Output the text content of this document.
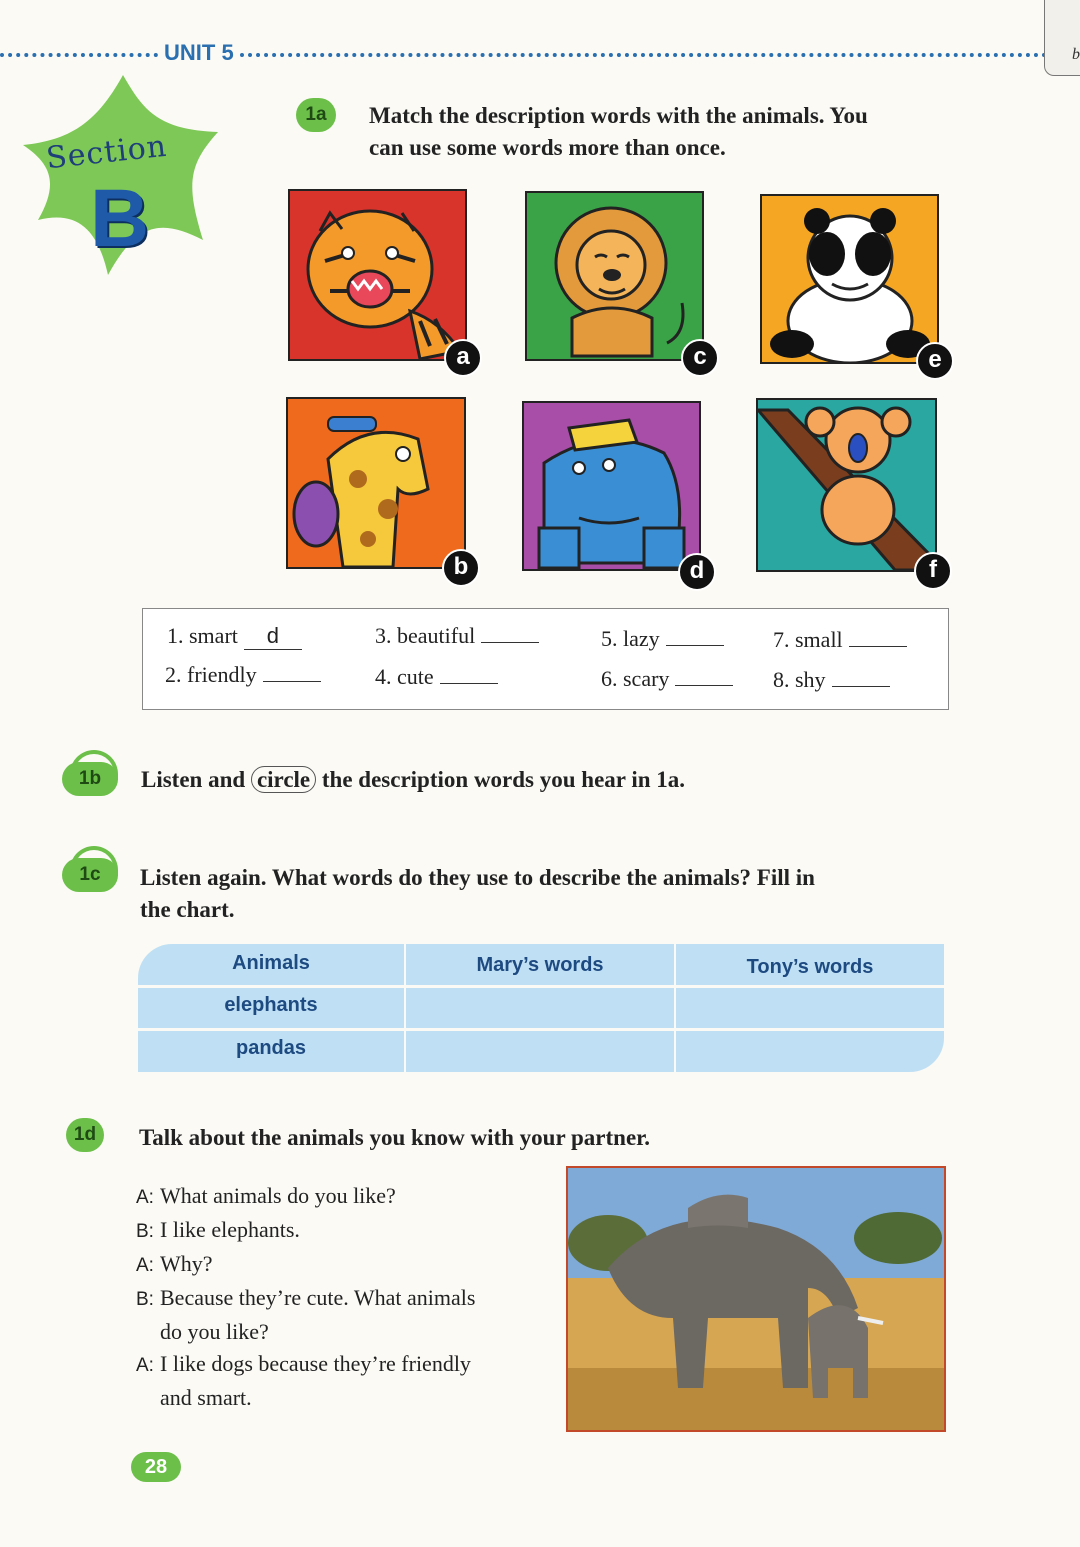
UNIT 5	b
Section
B
1a	Match the description words with the animals. You
can use some words more than once.
a	c	e
b	d	f
1. smart d
2. friendly
3. beautiful
4. cute
5. lazy
6. scary
7. small
8. shy
1b	Listen and circle the description words you hear in 1a.
1c	Listen again. What words do they use to describe the animals? Fill in
the chart.
Animals	Mary’s words	Tony’s words
elephants
pandas
1d	Talk about the animals you know with your partner.
A: What animals do you like?
B: I like elephants.
A: Why?
B: Because they’re cute. What animals
do you like?
A: I like dogs because they’re friendly
and smart.
28
